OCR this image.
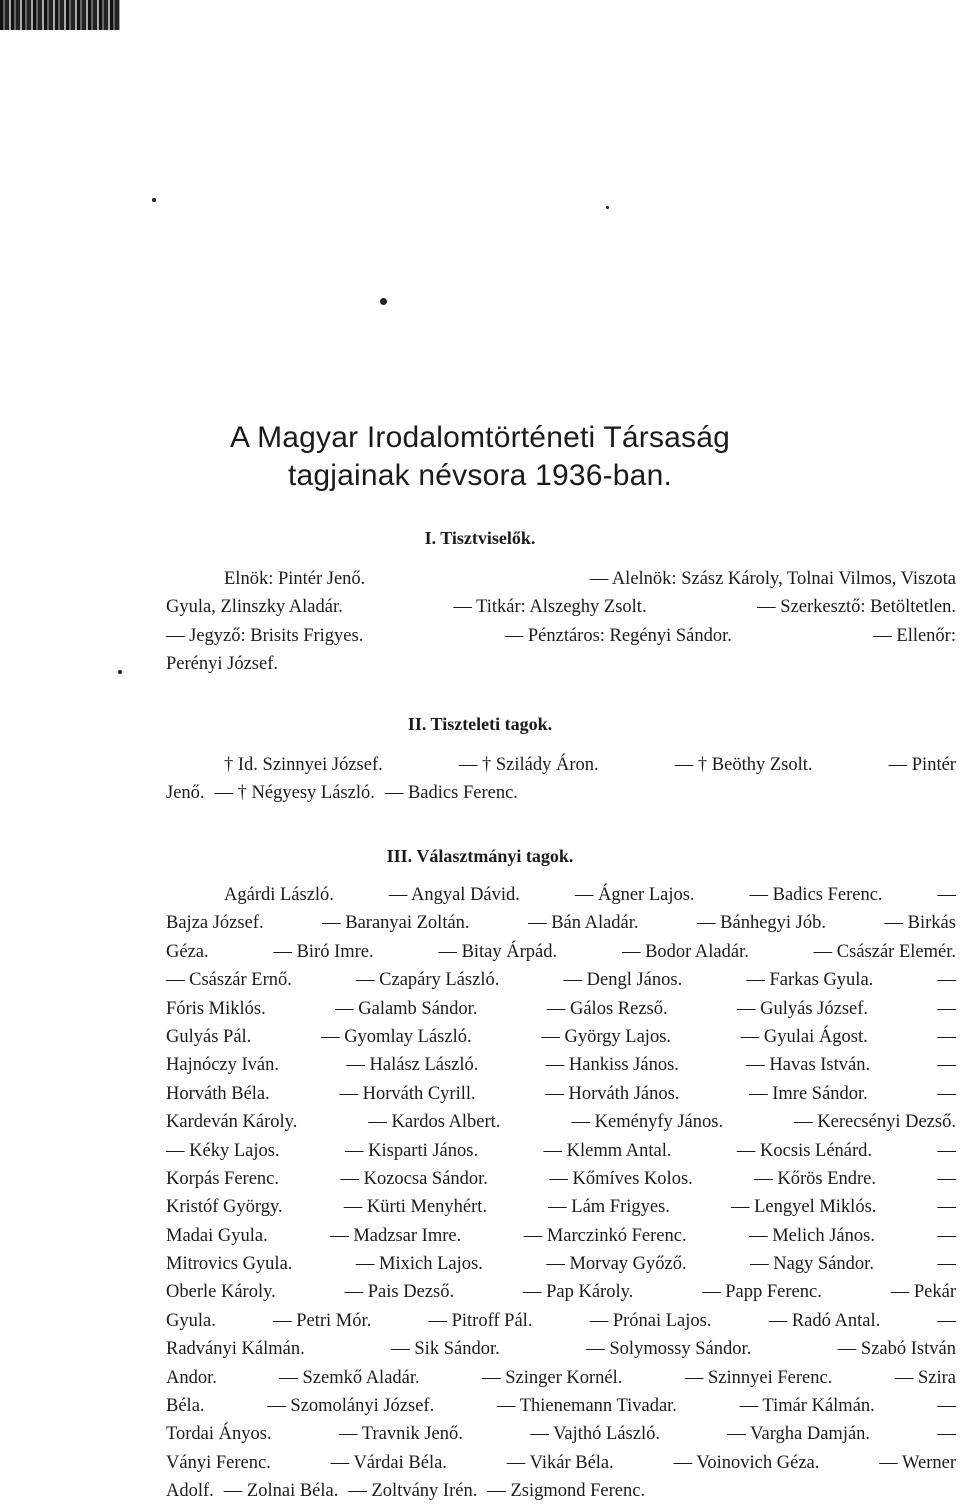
A Magyar Irodalomtörténeti Társaság
tagjainak névsora 1936-ban.
I. Tisztviselők.
Elnök: Pintér Jenő.	— Alelnök: Szász Károly, Tolnai Vilmos, Viszota
Gyula, Zlinszky Aladár.	— Titkár: Alszeghy Zsolt.	— Szerkesztő: Betöltetlen.
— Jegyző: Brisits Frigyes.	— Pénztáros: Regényi Sándor.	— Ellenőr:
Perényi József.
II. Tiszteleti tagok.
† Id. Szinnyei József.	— † Szilády Áron.	— † Beöthy Zsolt.	— Pintér
Jenő. — † Négyesy László. — Badics Ferenc.
III. Választmányi tagok.
Agárdi László.	— Angyal Dávid.	— Ágner Lajos.	— Badics Ferenc.	—
Bajza József.	— Baranyai Zoltán.	— Bán Aladár.	— Bánhegyi Jób.	— Birkás
Géza.	— Biró Imre.	— Bitay Árpád.	— Bodor Aladár.	— Császár Elemér.
— Császár Ernő.	— Czapáry László.	— Dengl János.	— Farkas Gyula.	—
Fóris Miklós.	— Galamb Sándor.	— Gálos Rezső.	— Gulyás József.	—
Gulyás Pál.	— Gyomlay László.	— György Lajos.	— Gyulai Ágost.	—
Hajnóczy Iván.	— Halász László.	— Hankiss János.	— Havas István.	—
Horváth Béla.	— Horváth Cyrill.	— Horváth János.	— Imre Sándor.	—
Kardeván Károly.	— Kardos Albert.	— Keményfy János.	— Kerecsényi Dezső.
— Kéky Lajos.	— Kisparti János.	— Klemm Antal.	— Kocsis Lénárd.	—
Korpás Ferenc.	— Kozocsa Sándor.	— Kőmíves Kolos.	— Kőrös Endre.	—
Kristóf György.	— Kürti Menyhért.	— Lám Frigyes.	— Lengyel Miklós.	—
Madai Gyula.	— Madzsar Imre.	— Marczinkó Ferenc.	— Melich János.	—
Mitrovics Gyula.	— Mixich Lajos.	— Morvay Győző.	— Nagy Sándor.	—
Oberle Károly.	— Pais Dezső.	— Pap Károly.	— Papp Ferenc.	— Pekár
Gyula.	— Petri Mór.	— Pitroff Pál.	— Prónai Lajos.	— Radó Antal.	—
Radványi Kálmán.	— Sik Sándor.	— Solymossy Sándor.	— Szabó István
Andor.	— Szemkő Aladár.	— Szinger Kornél.	— Szinnyei Ferenc.	— Szira
Béla.	— Szomolányi József.	— Thienemann Tivadar.	— Timár Kálmán.	—
Tordai Ányos.	— Travnik Jenő.	— Vajthó László.	— Vargha Damján.	—
Ványi Ferenc.	— Várdai Béla.	— Vikár Béla.	— Voinovich Géza.	— Werner
Adolf. — Zolnai Béla. — Zoltvány Irén. — Zsigmond Ferenc.
